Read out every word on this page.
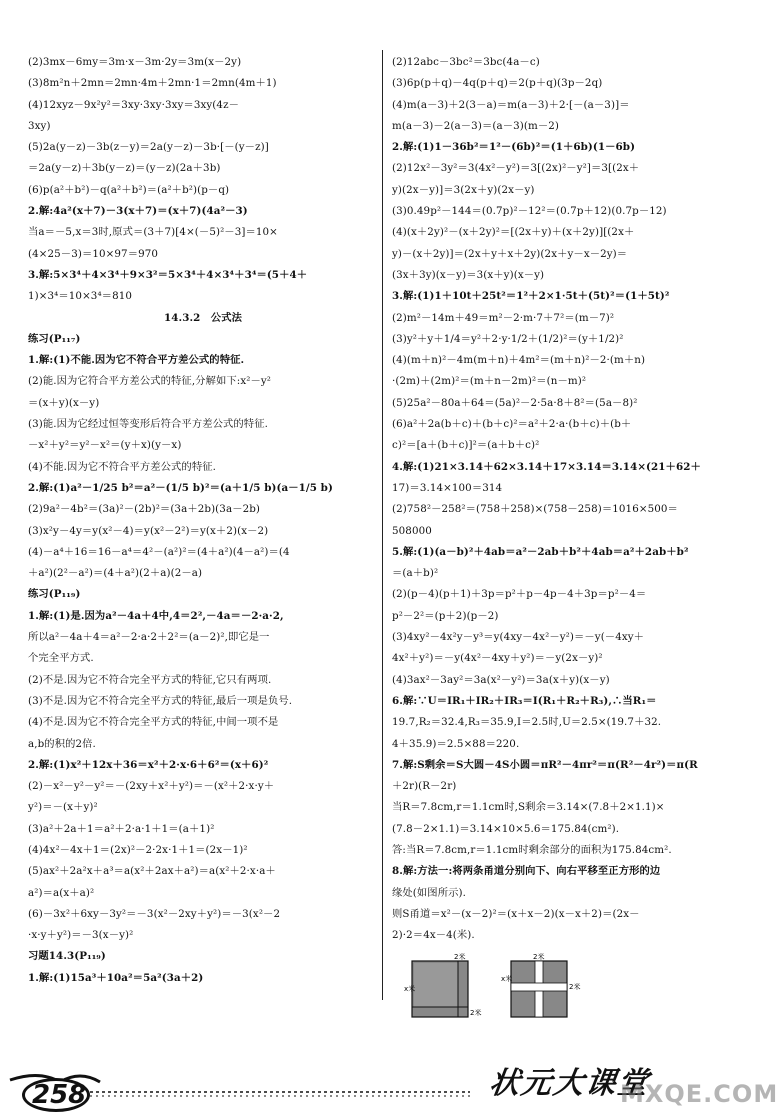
(2)3mx－6my＝3m·x－3m·2y＝3m(x－2y)
(3)8m²n＋2mn＝2mn·4m＋2mn·1＝2mn(4m＋1)
(4)12xyz－9x²y²＝3xy·3xy·3xy＝3xy(4z－
3xy)
(5)2a(y－z)－3b(z－y)＝2a(y－z)－3b·[－(y－z)]
＝2a(y－z)＋3b(y－z)＝(y－z)(2a＋3b)
(6)p(a²＋b²)－q(a²＋b²)＝(a²＋b²)(p－q)
2.解:4a²(x＋7)－3(x＋7)＝(x＋7)(4a²－3)
当a＝－5,x＝3时,原式＝(3＋7)[4×(－5)²－3]＝10×
(4×25－3)＝10×97＝970
3.解:5×3⁴＋4×3⁴＋9×3²＝5×3⁴＋4×3⁴＋3⁴＝(5＋4＋
1)×3⁴＝10×3⁴＝810
14.3.2　公式法
练习(P₁₁₇)
1.解:(1)不能.因为它不符合平方差公式的特征.
(2)能.因为它符合平方差公式的特征,分解如下:x²－y²
＝(x＋y)(x－y)
(3)能.因为它经过恒等变形后符合平方差公式的特征.
－x²＋y²＝y²－x²＝(y＋x)(y－x)
(4)不能.因为它不符合平方差公式的特征.
2.解:(1)a²－1/25 b²＝a²－(1/5 b)²＝(a＋1/5 b)(a－1/5 b)
(2)9a²－4b²＝(3a)²－(2b)²＝(3a＋2b)(3a－2b)
(3)x²y－4y＝y(x²－4)＝y(x²－2²)＝y(x＋2)(x－2)
(4)－a⁴＋16＝16－a⁴＝4²－(a²)²＝(4＋a²)(4－a²)＝(4
＋a²)(2²－a²)＝(4＋a²)(2＋a)(2－a)
练习(P₁₁₉)
1.解:(1)是.因为a²－4a＋4中,4＝2²,－4a＝－2·a·2,
所以a²－4a＋4＝a²－2·a·2＋2²＝(a－2)²,即它是一
个完全平方式.
(2)不是.因为它不符合完全平方式的特征,它只有两项.
(3)不是.因为它不符合完全平方式的特征,最后一项是负号.
(4)不是.因为它不符合完全平方式的特征,中间一项不是
a,b的积的2倍.
2.解:(1)x²＋12x＋36＝x²＋2·x·6＋6²＝(x＋6)²
(2)－x²－y²－y²＝－(2xy＋x²＋y²)＝－(x²＋2·x·y＋
y²)＝－(x＋y)²
(3)a²＋2a＋1＝a²＋2·a·1＋1＝(a＋1)²
(4)4x²－4x＋1＝(2x)²－2·2x·1＋1＝(2x－1)²
(5)ax²＋2a²x＋a³＝a(x²＋2ax＋a²)＝a(x²＋2·x·a＋
a²)＝a(x＋a)²
(6)－3x²＋6xy－3y²＝－3(x²－2xy＋y²)＝－3(x²－2
·x·y＋y²)＝－3(x－y)²
习题14.3(P₁₁₉)
1.解:(1)15a³＋10a²＝5a²(3a＋2)
(2)12abc－3bc²＝3bc(4a－c)
(3)6p(p＋q)－4q(p＋q)＝2(p＋q)(3p－2q)
(4)m(a－3)＋2(3－a)＝m(a－3)＋2·[－(a－3)]＝
m(a－3)－2(a－3)＝(a－3)(m－2)
2.解:(1)1－36b²＝1²－(6b)²＝(1＋6b)(1－6b)
(2)12x²－3y²＝3(4x²－y²)＝3[(2x)²－y²]＝3[(2x＋
y)(2x－y)]＝3(2x＋y)(2x－y)
(3)0.49p²－144＝(0.7p)²－12²＝(0.7p＋12)(0.7p－12)
(4)(x＋2y)²－(x＋2y)²＝[(2x＋y)＋(x＋2y)][(2x＋
y)－(x＋2y)]＝(2x＋y＋x＋2y)(2x＋y－x－2y)＝
(3x＋3y)(x－y)＝3(x＋y)(x－y)
3.解:(1)1＋10t＋25t²＝1²＋2×1·5t＋(5t)²＝(1＋5t)²
(2)m²－14m＋49＝m²－2·m·7＋7²＝(m－7)²
(3)y²＋y＋1/4＝y²＋2·y·1/2＋(1/2)²＝(y＋1/2)²
(4)(m＋n)²－4m(m＋n)＋4m²＝(m＋n)²－2·(m＋n)
·(2m)＋(2m)²＝(m＋n－2m)²＝(n－m)²
(5)25a²－80a＋64＝(5a)²－2·5a·8＋8²＝(5a－8)²
(6)a²＋2a(b＋c)＋(b＋c)²＝a²＋2·a·(b＋c)＋(b＋
c)²＝[a＋(b＋c)]²＝(a＋b＋c)²
4.解:(1)21×3.14＋62×3.14＋17×3.14＝3.14×(21＋62＋
17)＝3.14×100＝314
(2)758²－258²＝(758＋258)×(758－258)＝1016×500＝
508000
5.解:(1)(a－b)²＋4ab＝a²－2ab＋b²＋4ab＝a²＋2ab＋b²
＝(a＋b)²
(2)(p－4)(p＋1)＋3p＝p²＋p－4p－4＋3p＝p²－4＝
p²－2²＝(p＋2)(p－2)
(3)4xy²－4x²y－y³＝y(4xy－4x²－y²)＝－y(－4xy＋
4x²＋y²)＝－y(4x²－4xy＋y²)＝－y(2x－y)²
(4)3ax²－3ay²＝3a(x²－y²)＝3a(x＋y)(x－y)
6.解:∵U＝IR₁＋IR₂＋IR₃＝I(R₁＋R₂＋R₃),∴当R₁＝
19.7,R₂＝32.4,R₃＝35.9,I＝2.5时,U＝2.5×(19.7＋32.
4＋35.9)＝2.5×88＝220.
7.解:S剩余＝S大圆－4S小圆＝πR²－4πr²＝π(R²－4r²)＝π(R
＋2r)(R－2r)
当R＝7.8cm,r＝1.1cm时,S剩余＝3.14×(7.8＋2×1.1)×
(7.8－2×1.1)＝3.14×10×5.6＝175.84(cm²).
答:当R＝7.8cm,r＝1.1cm时剩余部分的面积为175.84cm².
8.解:方法一:将两条甬道分别向下、向右平移至正方形的边
缘处(如图所示).
则S甬道＝x²－(x－2)²＝(x＋x－2)(x－x＋2)＝(2x－
2)·2＝4x－4(米).
2米
x米
2米
2米
2米
x米
258	状元大课堂
MXQE.COM
